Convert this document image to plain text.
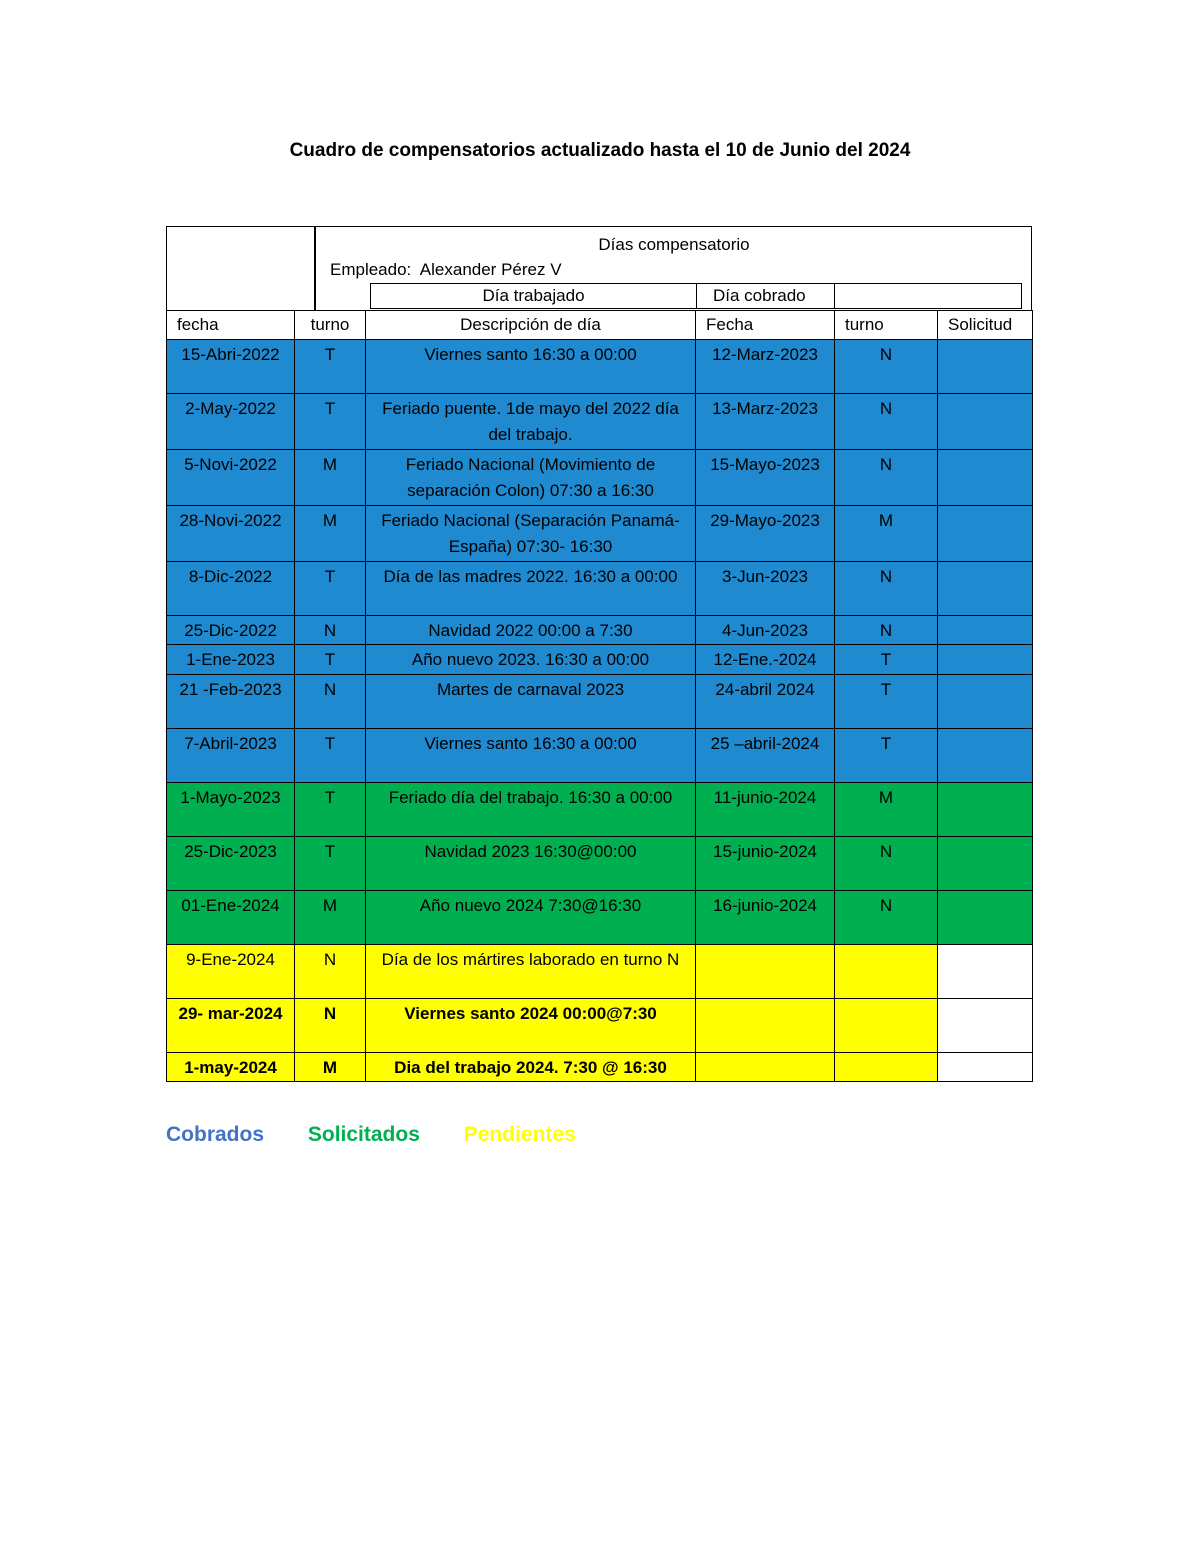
Cuadro de compensatorios actualizado hasta el 10 de Junio del 2024
Días compensatorio
Empleado: Alexander Pérez V
Día trabajado	Día cobrado
fecha	turno	Descripción de día	Fecha	turno	Solicitud
15-Abri-2022	T	Viernes santo 16:30 a 00:00	12-Marz-2023	N	
2-May-2022	T	Feriado puente. 1de mayo del 2022 día del trabajo.	13-Marz-2023	N	
5-Novi-2022	M	Feriado Nacional (Movimiento de separación Colon) 07:30 a 16:30	15-Mayo-2023	N	
28-Novi-2022	M	Feriado Nacional (Separación Panamá-España) 07:30- 16:30	29-Mayo-2023	M	
8-Dic-2022	T	Día de las madres 2022. 16:30 a 00:00	3-Jun-2023	N	
25-Dic-2022	N	Navidad 2022 00:00 a 7:30	4-Jun-2023	N	
1-Ene-2023	T	Año nuevo 2023. 16:30 a 00:00	12-Ene.-2024	T	
21 -Feb-2023	N	Martes de carnaval 2023	24-abril 2024	T	
7-Abril-2023	T	Viernes santo 16:30 a 00:00	25 –abril-2024	T	
1-Mayo-2023	T	Feriado día del trabajo. 16:30 a 00:00	11-junio-2024	M	
25-Dic-2023	T	Navidad 2023 16:30@00:00	15-junio-2024	N	
01-Ene-2024	M	Año nuevo 2024 7:30@16:30	16-junio-2024	N	
9-Ene-2024	N	Día de los mártires laborado en turno N			
29- mar-2024	N	Viernes santo 2024 00:00@7:30			
1-may-2024	M	Dia del trabajo 2024. 7:30 @ 16:30			
Cobrados Solicitados Pendientes
